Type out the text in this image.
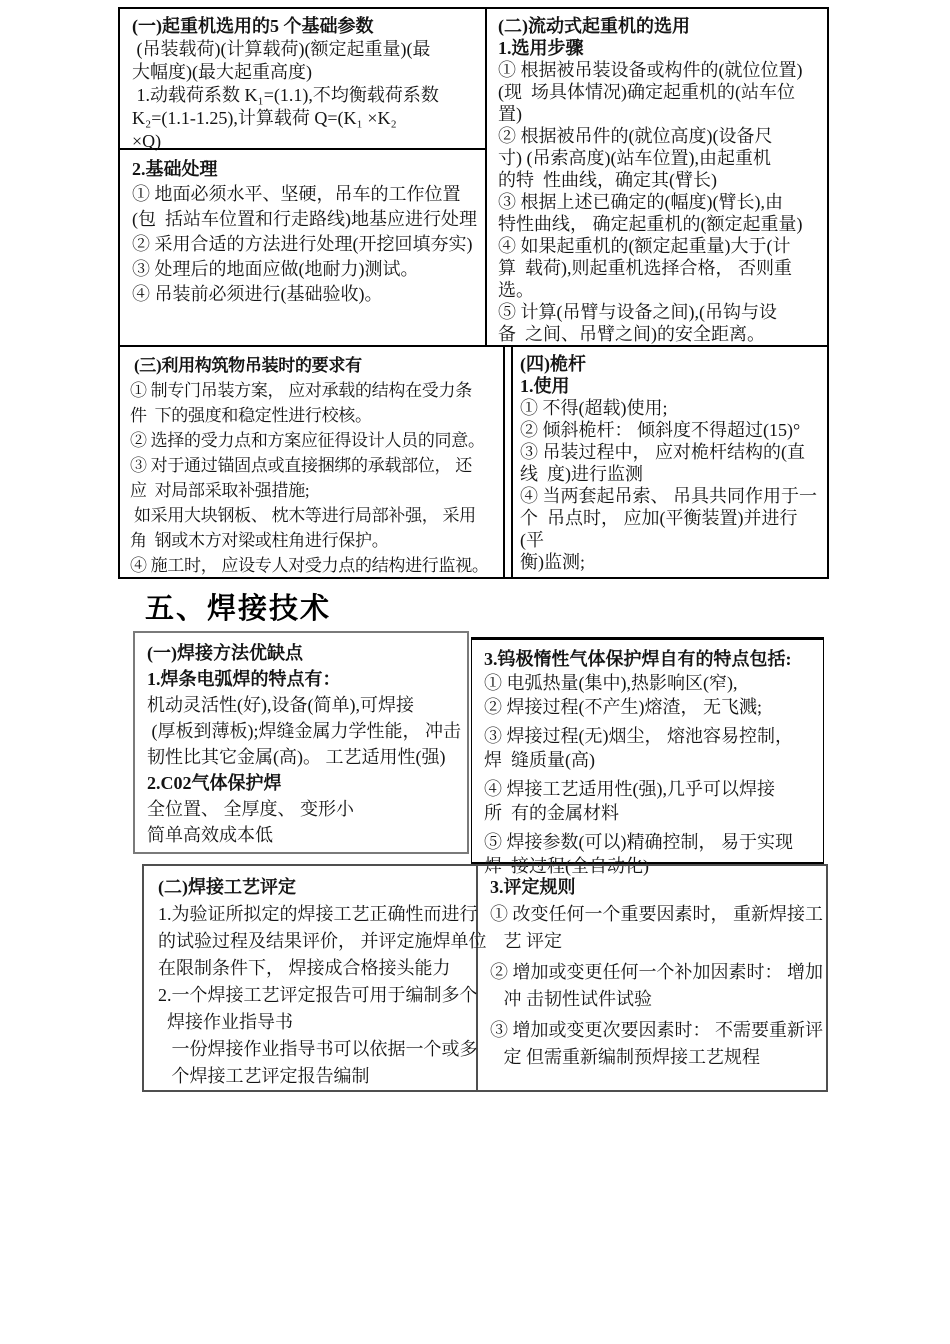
(一)起重机选用的5 个基础参数
(吊装载荷)(计算载荷)(额定起重量)(最
大幅度)(最大起重高度)
1.动载荷系数 K₁=(1.1),不均衡载荷系数
K₂=(1.1-1.25),计算载荷 Q=(K₁ ×K₂
×Q)
2.基础处理
① 地面必须水平、坚硬，吊车的工作位置
(包  括站车位置和行走路线)地基应进行处理
② 采用合适的方法进行处理(开挖回填夯实)
③ 处理后的地面应做(地耐力)测试。
④ 吊装前必须进行(基础验收)。
(二)流动式起重机的选用
1.选用步骤
① 根据被吊装设备或构件的(就位位置)
(现  场具体情况)确定起重机的(站车位
置)
② 根据被吊件的(就位高度)(设备尺
寸) (吊索高度)(站车位置),由起重机
的特  性曲线，确定其(臂长)
③ 根据上述已确定的(幅度)(臂长),由
特性曲线， 确定起重机的(额定起重量)
④ 如果起重机的(额定起重量)大于(计
算  载荷),则起重机选择合格， 否则重
选。
⑤ 计算(吊臂与设备之间),(吊钩与设
备  之间、吊臂之间)的安全距离。
(三)利用构筑物吊装时的要求有
① 制专门吊装方案， 应对承载的结构在受力条
件  下的强度和稳定性进行校核。
② 选择的受力点和方案应征得设计人员的同意。
③ 对于通过锚固点或直接捆绑的承载部位， 还
应  对局部采取补强措施;
如采用大块钢板、 枕木等进行局部补强， 采用
角  钢或木方对梁或柱角进行保护。
④ 施工时， 应设专人对受力点的结构进行监视。
(四)桅杆
1.使用
① 不得(超载)使用;
② 倾斜桅杆： 倾斜度不得超过(15)°
③ 吊装过程中， 应对桅杆结构的(直
线  度)进行监测
④ 当两套起吊索、 吊具共同作用于一
个  吊点时， 应加(平衡装置)并进行
(平
衡)监测;
五、焊接技术
(一)焊接方法优缺点
1.焊条电弧焊的特点有：
机动灵活性(好),设备(简单),可焊接
(厚板到薄板);焊缝金属力学性能， 冲击
韧性比其它金属(高)。 工艺适用性(强)
2.C02气体保护焊
全位置、 全厚度、 变形小
简单高效成本低
3.钨极惰性气体保护焊自有的特点包括:
① 电弧热量(集中),热影响区(窄),
② 焊接过程(不产生)熔渣， 无飞溅;
③ 焊接过程(无)烟尘， 熔池容易控制，
焊  缝质量(高)
④ 焊接工艺适用性(强),几乎可以焊接
所  有的金属材料
⑤ 焊接参数(可以)精确控制， 易于实现
焊  接过程(全自动化)
(二)焊接工艺评定
1.为验证所拟定的焊接工艺正确性而进行
的试验过程及结果评价， 并评定施焊单位
在限制条件下， 焊接成合格接头能力
2.一个焊接工艺评定报告可用于编制多个
焊接作业指导书
一份焊接作业指导书可以依据一个或多
个焊接工艺评定报告编制
3.评定规则
① 改变任何一个重要因素时， 重新焊接工
艺 评定
② 增加或变更任何一个补加因素时： 增加
冲 击韧性试件试验
③ 增加或变更次要因素时： 不需要重新评
定 但需重新编制预焊接工艺规程
